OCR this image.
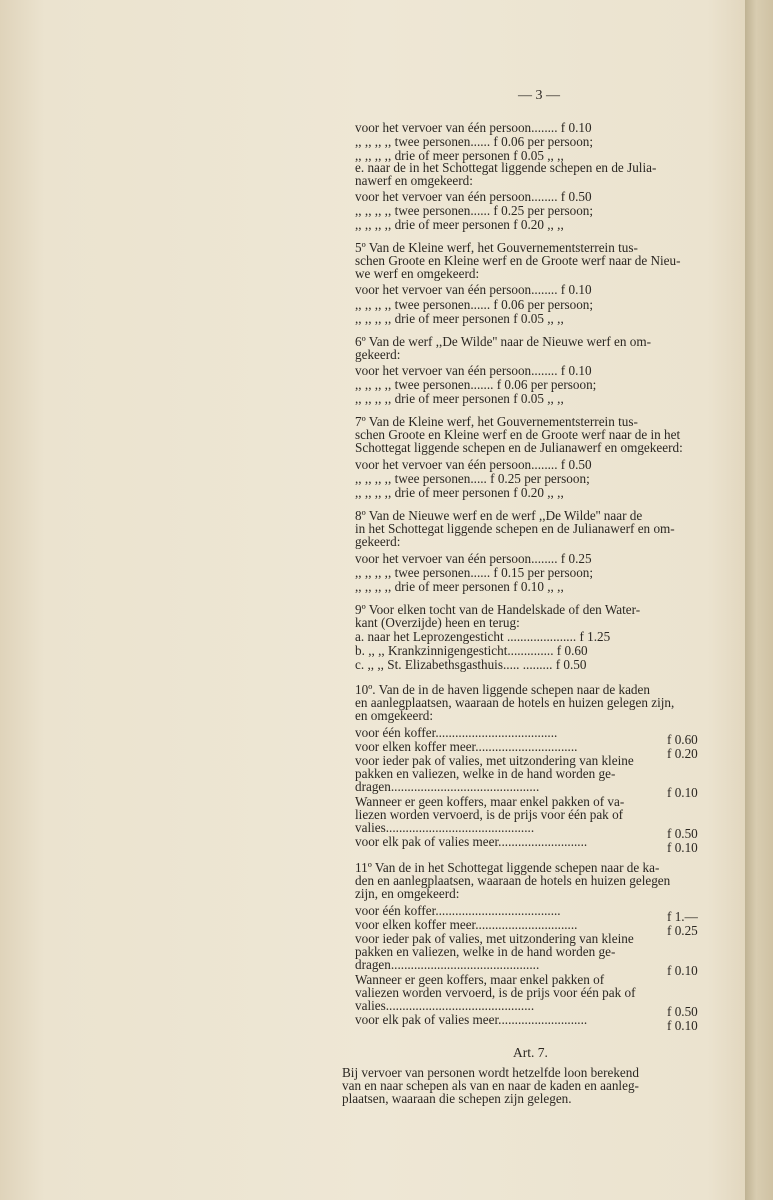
— 3 —
voor het vervoer van één persoon........ f 0.10
,, ,, ,, ,, twee personen...... f 0.06 per persoon;
,, ,, ,, ,, drie of meer personen f 0.05 ,, ,,
e. naar de in het Schottegat liggende schepen en de Julia-
nawerf en omgekeerd:
voor het vervoer van één persoon........ f 0.50
,, ,, ,, ,, twee personen...... f 0.25 per persoon;
,, ,, ,, ,, drie of meer personen f 0.20 ,, ,,
5º Van de Kleine werf, het Gouvernementsterrein tus-
schen Groote en Kleine werf en de Groote werf naar de Nieu-
we werf en omgekeerd:
voor het vervoer van één persoon........ f 0.10
,, ,, ,, ,, twee personen...... f 0.06 per persoon;
,, ,, ,, ,, drie of meer personen f 0.05 ,, ,,
6º Van de werf ,,De Wilde'' naar de Nieuwe werf en om-
gekeerd:
voor het vervoer van één persoon........ f 0.10
,, ,, ,, ,, twee personen....... f 0.06 per persoon;
,, ,, ,, ,, drie of meer personen f 0.05 ,, ,,
7º Van de Kleine werf, het Gouvernementsterrein tus-
schen Groote en Kleine werf en de Groote werf naar de in het
Schottegat liggende schepen en de Julianawerf en omgekeerd:
voor het vervoer van één persoon........ f 0.50
,, ,, ,, ,, twee personen..... f 0.25 per persoon;
,, ,, ,, ,, drie of meer personen f 0.20 ,, ,,
8º Van de Nieuwe werf en de werf ,,De Wilde'' naar de
in het Schottegat liggende schepen en de Julianawerf en om-
gekeerd:
voor het vervoer van één persoon........ f 0.25
,, ,, ,, ,, twee personen...... f 0.15 per persoon;
,, ,, ,, ,, drie of meer personen f 0.10 ,, ,,
9º Voor elken tocht van de Handelskade of den Water-
kant (Overzijde) heen en terug:
a. naar het Leprozengesticht ..................... f 1.25
b. ,, ,, Krankzinnigengesticht.............. f 0.60
c. ,, ,, St. Elizabethsgasthuis..... ......... f 0.50
10º. Van de in de haven liggende schepen naar de kaden
en aanlegplaatsen, waaraan de hotels en huizen gelegen zijn,
en omgekeerd:
voor één koffer.....................................
voor elken koffer meer...............................
voor ieder pak of valies, met uitzondering van kleine
pakken en valiezen, welke in de hand worden ge-
dragen.............................................
Wanneer er geen koffers, maar enkel pakken of va-
liezen worden vervoerd, is de prijs voor één pak of
valies.............................................
voor elk pak of valies meer...........................
11º Van de in het Schottegat liggende schepen naar de ka-
den en aanlegplaatsen, waaraan de hotels en huizen gelegen
zijn, en omgekeerd:
voor één koffer......................................
voor elken koffer meer...............................
voor ieder pak of valies, met uitzondering van kleine
pakken en valiezen, welke in de hand worden ge-
dragen.............................................
Wanneer er geen koffers, maar enkel pakken of
valiezen worden vervoerd, is de prijs voor één pak of
valies.............................................
voor elk pak of valies meer...........................
f 0.60
f 0.20
f 0.10
f 0.50
f 0.10
f 1.—
f 0.25
f 0.10
f 0.50
f 0.10
Art. 7.
Bij vervoer van personen wordt hetzelfde loon berekend
van en naar schepen als van en naar de kaden en aanleg-
plaatsen, waaraan die schepen zijn gelegen.
